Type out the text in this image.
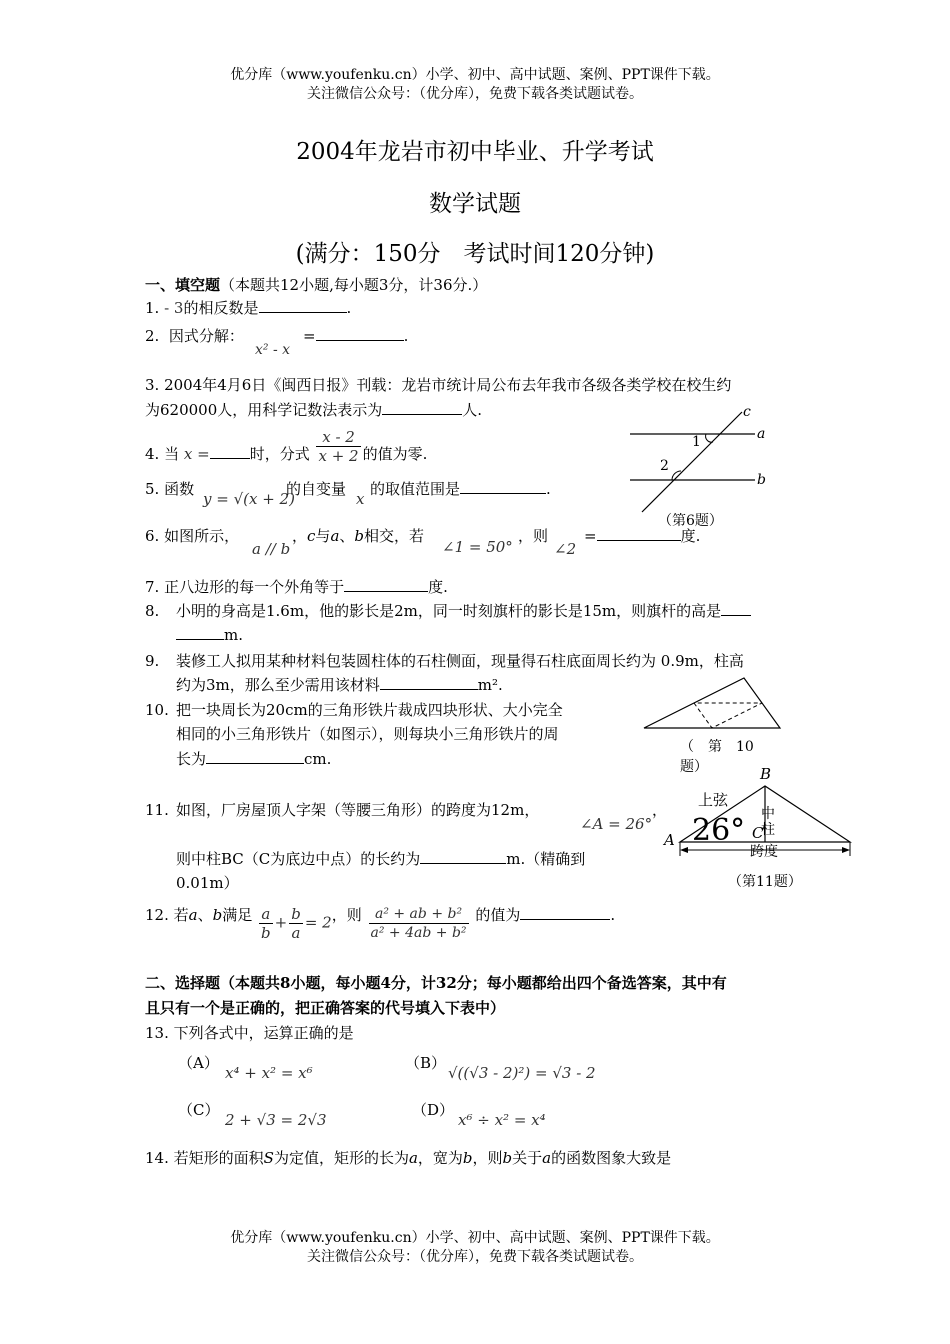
优分库（www.youfenku.cn）小学、初中、高中试题、案例、PPT课件下载。
关注微信公众号：（优分库），免费下载各类试题试卷。
2004年龙岩市初中毕业、升学考试
数学试题
(满分：150分　考试时间120分钟)
一、填空题（本题共12小题,每小题3分，计36分.）
1. - 3的相反数是	.
2. 因式分解：
x² - x
=	.
3. 2004年4月6日《闽西日报》刊载：龙岩市统计局公布去年我市各级各类学校在校生约
为620000人，用科学记数法表示为	人.
4. 当 x =	时，分式 $\frac{x - 2}{x + 2}$ 的值为零.
5. 函数
y = √(x + 2)
的自变量
x
的取值范围是	.
c
a
b
1
2
（第6题）
6. 如图所示，
a // b
，c与a、b相交，若
∠1 = 50°
，则
∠2
=	度.
7. 正八边形的每一个外角等于	度.
8. 小明的身高是1.6m，他的影长是2m，同一时刻旗杆的影长是15m，则旗杆的高是
m.
9. 装修工人拟用某种材料包装圆柱体的石柱侧面，现量得石柱底面周长约为 0.9m，柱高
约为3m，那么至少需用该材料	m².
10. 把一块周长为20cm的三角形铁片裁成四块形状、大小完全
相同的小三角形铁片（如图示），则每块小三角形铁片的周
长为	cm.
（　第　10
题）
11. 如图，厂房屋顶人字架（等腰三角形）的跨度为12m，	，
∠A = 26°
则中柱BC（C为底边中点）的长约为	m.（精确到
0.01m）
B
A	C
上弦
中
柱
跨度
26°
（第11题）
12. 若a、b满足 $\frac{a}{b} + \frac{b}{a} = 2$，则 $\frac{\text{a² + ab + b²}}{\text{a² + 4ab + b²}}$ 的值为	.
二、选择题（本题共8小题，每小题4分，计32分；每小题都给出四个备选答案，其中有
且只有一个是正确的，把正确答案的代号填入下表中）
13. 下列各式中，运算正确的是
（A）
x⁴ + x² = x⁶
（B）
√((√3 - 2)²) = √3 - 2
（C）
2 + √3 = 2√3
（D）
x⁶ ÷ x² = x⁴
14. 若矩形的面积S为定值，矩形的长为a，宽为b，则b关于a的函数图象大致是
优分库（www.youfenku.cn）小学、初中、高中试题、案例、PPT课件下载。
关注微信公众号：（优分库），免费下载各类试题试卷。
